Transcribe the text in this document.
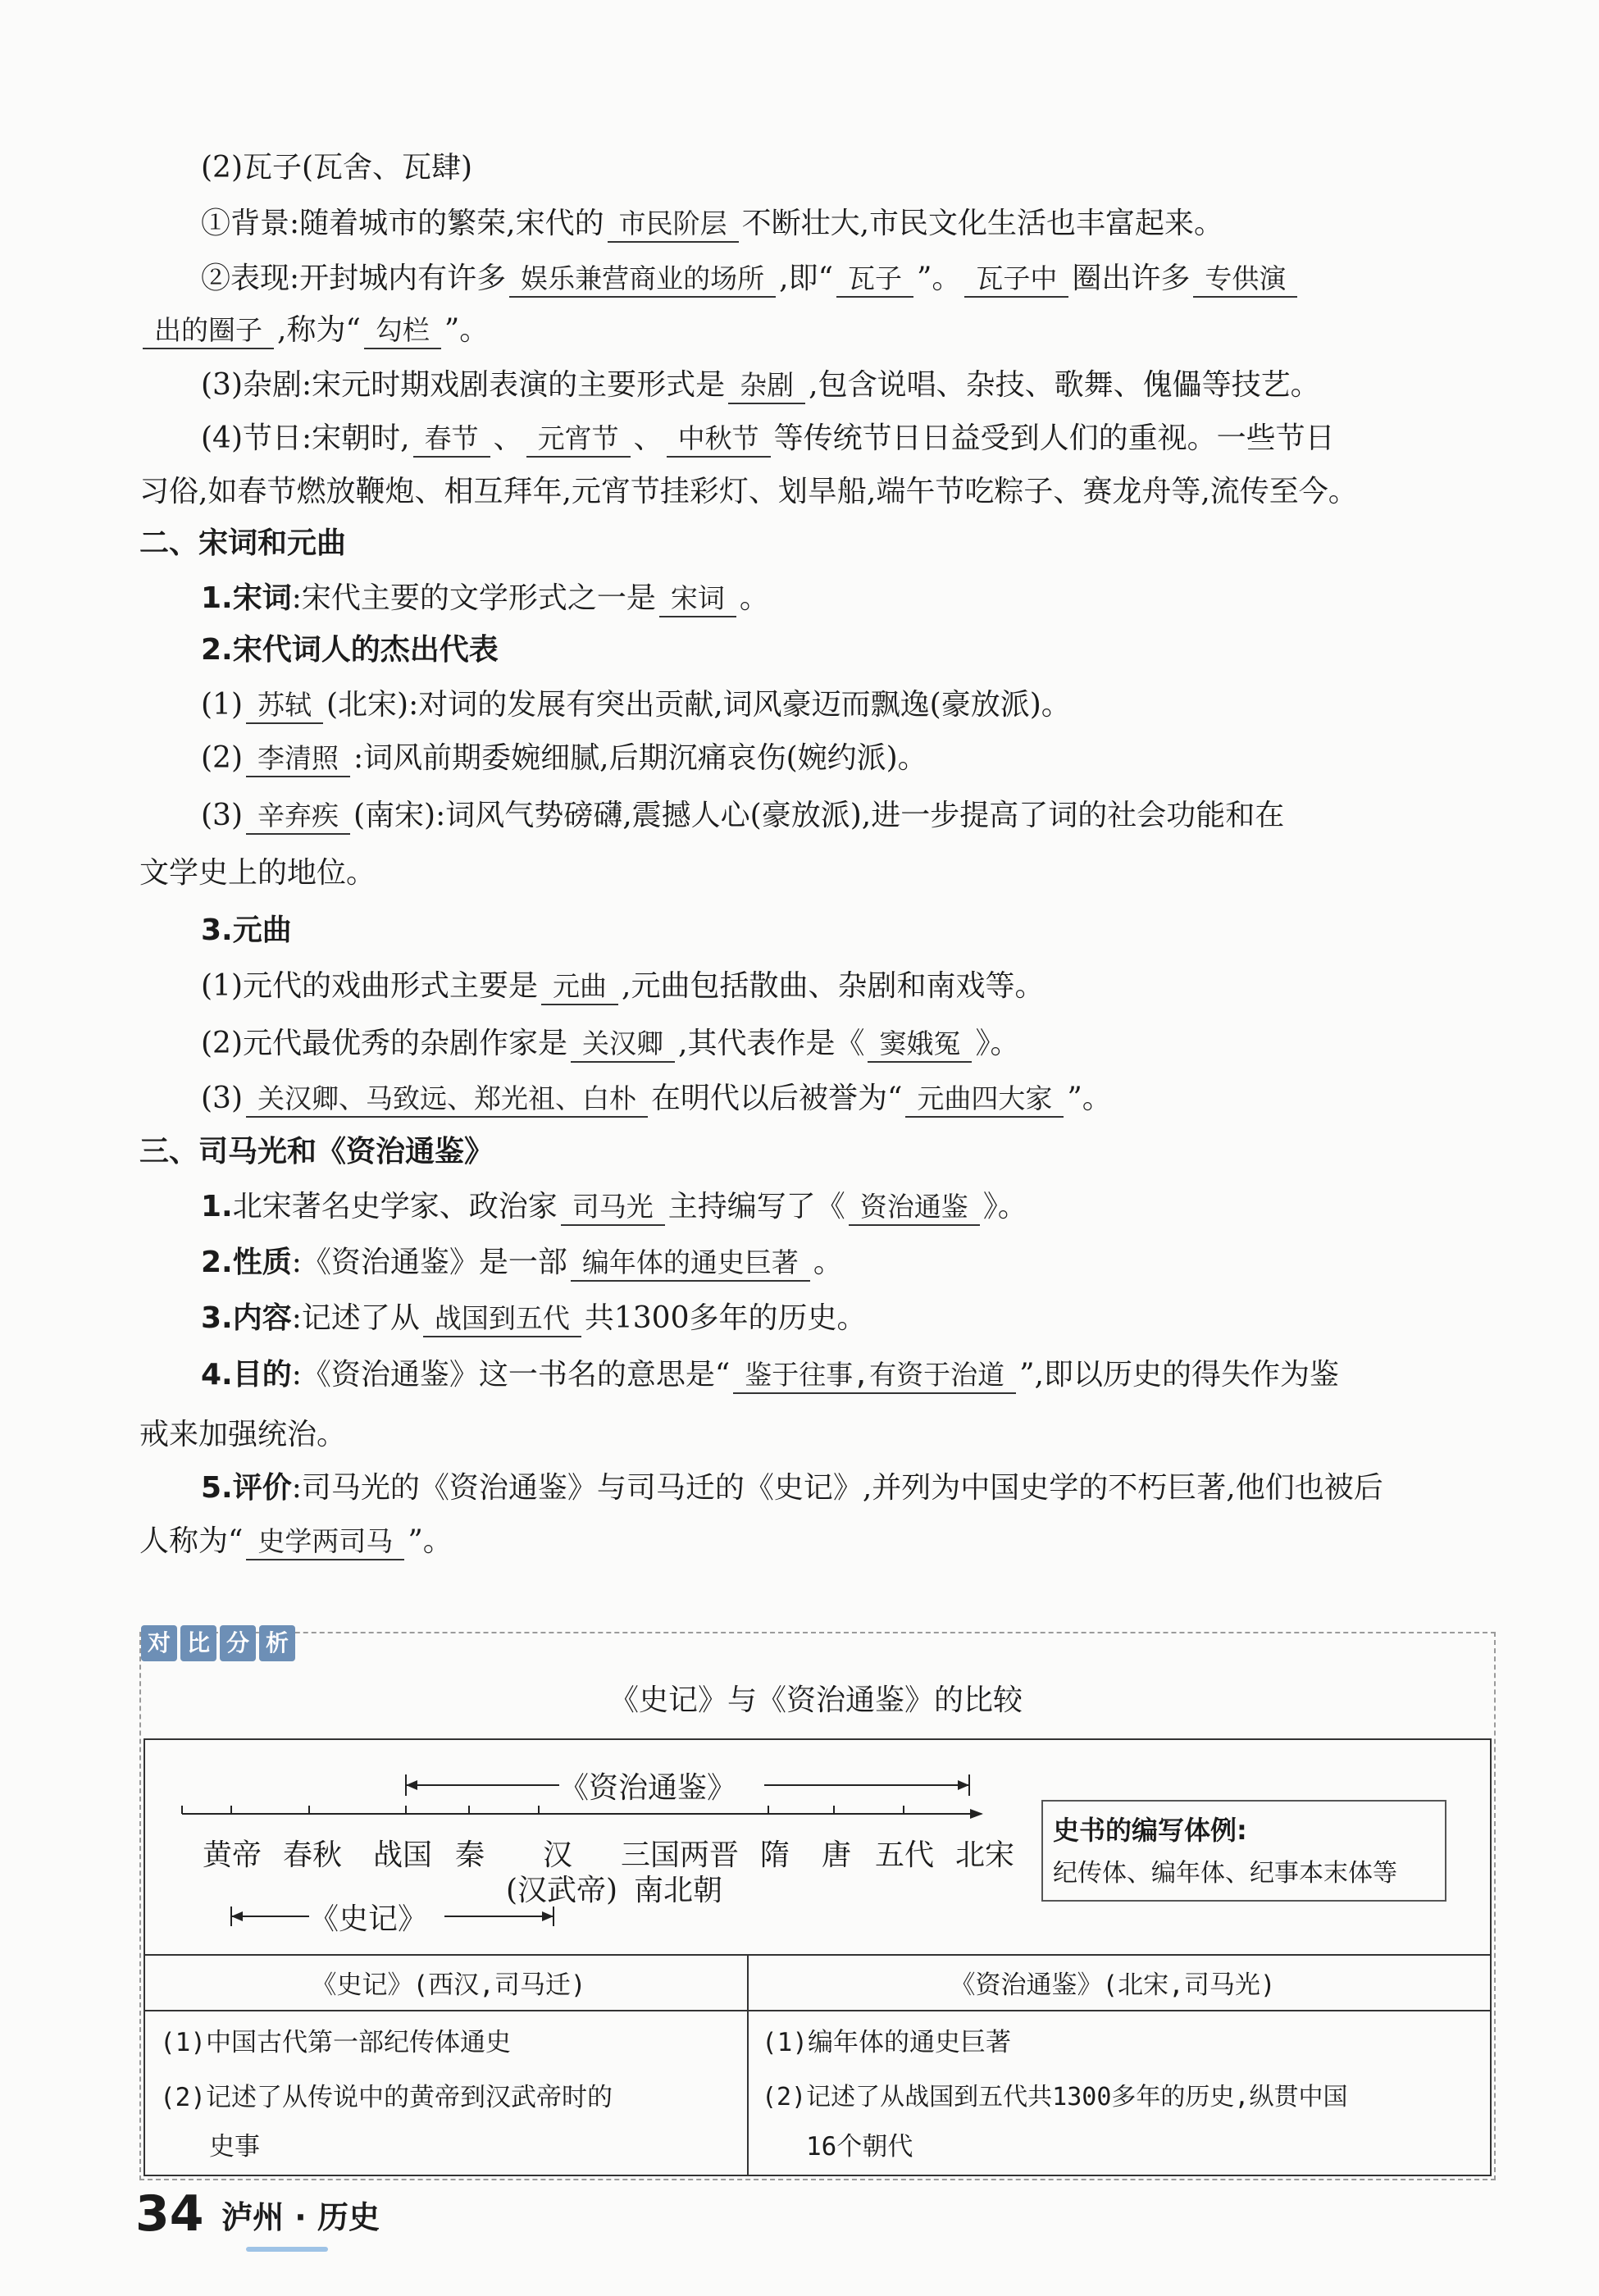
(2)瓦子(瓦舍、瓦肆)
①背景:随着城市的繁荣,宋代的 市民阶层 不断壮大,市民文化生活也丰富起来。
②表现:开封城内有许多 娱乐兼营商业的场所 ,即“ 瓦子 ”。 瓦子中 圈出许多 专供演
出的圈子 ,称为“ 勾栏 ”。
(3)杂剧:宋元时期戏剧表演的主要形式是 杂剧 ,包含说唱、杂技、歌舞、傀儡等技艺。
(4)节日:宋朝时, 春节 、 元宵节 、 中秋节 等传统节日日益受到人们的重视。一些节日
习俗,如春节燃放鞭炮、相互拜年,元宵节挂彩灯、划旱船,端午节吃粽子、赛龙舟等,流传至今。
二、宋词和元曲
1.宋词:宋代主要的文学形式之一是 宋词 。
2.宋代词人的杰出代表
(1) 苏轼 (北宋):对词的发展有突出贡献,词风豪迈而飘逸(豪放派)。
(2) 李清照 :词风前期委婉细腻,后期沉痛哀伤(婉约派)。
(3) 辛弃疾 (南宋):词风气势磅礴,震撼人心(豪放派),进一步提高了词的社会功能和在
文学史上的地位。
3.元曲
(1)元代的戏曲形式主要是 元曲 ,元曲包括散曲、杂剧和南戏等。
(2)元代最优秀的杂剧作家是 关汉卿 ,其代表作是《 窦娥冤 》。
(3) 关汉卿、马致远、郑光祖、白朴 在明代以后被誉为“ 元曲四大家 ”。
三、司马光和《资治通鉴》
1.北宋著名史学家、政治家 司马光 主持编写了《 资治通鉴 》。
2.性质:《资治通鉴》是一部 编年体的通史巨著 。
3.内容:记述了从 战国到五代 共1300多年的历史。
4.目的:《资治通鉴》这一书名的意思是“ 鉴于往事,有资于治道 ”,即以历史的得失作为鉴
戒来加强统治。
5.评价:司马光的《资治通鉴》与司马迁的《史记》,并列为中国史学的不朽巨著,他们也被后
人称为“ 史学两司马 ”。
对 比 分 析
《史记》与《资治通鉴》的比较
《资治通鉴》
《史记》
黄帝 春秋 战国 秦 汉
(汉武帝)
三国两晋
南北朝
隋 唐 五代 北宋
《史记》(西汉,司马迁)	《资治通鉴》(北宋,司马光)
(1)中国古代第一部纪传体通史
(2)记述了从传说中的黄帝到汉武帝时的
史事
(1)编年体的通史巨著
(2)记述了从战国到五代共1300多年的历史,纵贯中国
16个朝代
史书的编写体例:
纪传体、编年体、纪事本末体等
34 泸州 · 历史
